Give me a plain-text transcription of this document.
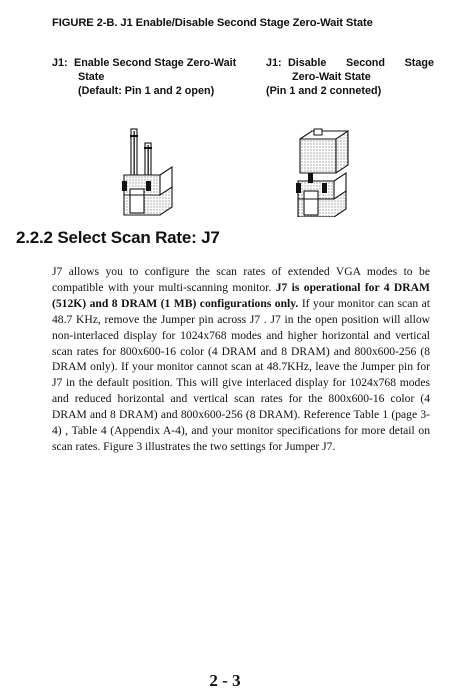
FIGURE 2-B. J1 Enable/Disable Second Stage Zero-Wait State
J1: Enable Second Stage Zero-Wait
State
(Default: Pin 1 and 2 open)
J1: Disable Second Stage
Zero-Wait State
(Pin 1 and 2 conneted)
2.2.2 Select Scan Rate: J7
J7 allows you to configure the scan rates of extended VGA modes to be compatible with your multi-scanning monitor. J7 is operational for 4 DRAM (512K) and 8 DRAM (1 MB) configurations only. If your monitor can scan at 48.7 KHz, remove the Jumper pin across J7 . J7 in the open position will allow non-interlaced display for 1024x768 modes and higher horizontal and vertical scan rates for 800x600-16 color (4 DRAM and 8 DRAM) and 800x600-256 (8 DRAM only). If your monitor cannot scan at 48.7KHz, leave the Jumper pin for J7 in the default position. This will give interlaced display for 1024x768 modes and reduced horizontal and vertical scan rates for the 800x600-16 color (4 DRAM and 8 DRAM) and 800x600-256 (8 DRAM). Reference Table 1 (page 3-4) , Table 4 (Appendix A-4), and your monitor specifications for more detail on scan rates. Figure 3 illustrates the two settings for Jumper J7.
2 - 3
